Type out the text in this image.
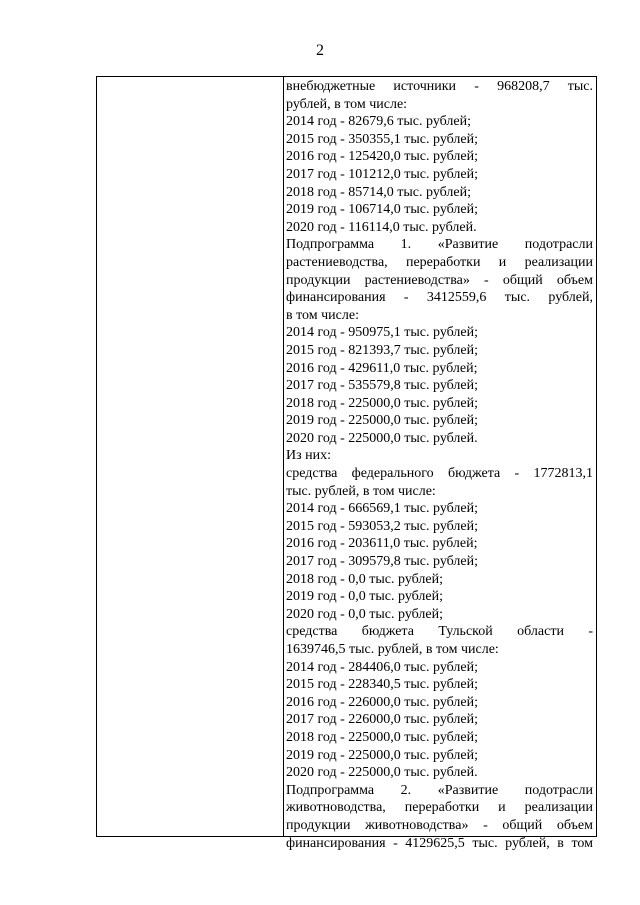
2
внебюджетные источники - 968208,7 тыс.
рублей, в том числе:
2014 год - 82679,6 тыс. рублей;
2015 год - 350355,1 тыс. рублей;
2016 год - 125420,0 тыс. рублей;
2017 год - 101212,0 тыс. рублей;
2018 год - 85714,0 тыс. рублей;
2019 год - 106714,0 тыс. рублей;
2020 год - 116114,0 тыс. рублей.
Подпрограмма 1. «Развитие подотрасли
растениеводства, переработки и реализации
продукции растениеводства» - общий объем
финансирования - 3412559,6 тыс. рублей,
в том числе:
2014 год - 950975,1 тыс. рублей;
2015 год - 821393,7 тыс. рублей;
2016 год - 429611,0 тыс. рублей;
2017 год - 535579,8 тыс. рублей;
2018 год - 225000,0 тыс. рублей;
2019 год - 225000,0 тыс. рублей;
2020 год - 225000,0 тыс. рублей.
Из них:
средства федерального бюджета - 1772813,1
тыс. рублей, в том числе:
2014 год - 666569,1 тыс. рублей;
2015 год - 593053,2 тыс. рублей;
2016 год - 203611,0 тыс. рублей;
2017 год - 309579,8 тыс. рублей;
2018 год - 0,0 тыс. рублей;
2019 год - 0,0 тыс. рублей;
2020 год - 0,0 тыс. рублей;
средства бюджета Тульской области -
1639746,5 тыс. рублей, в том числе:
2014 год - 284406,0 тыс. рублей;
2015 год - 228340,5 тыс. рублей;
2016 год - 226000,0 тыс. рублей;
2017 год - 226000,0 тыс. рублей;
2018 год - 225000,0 тыс. рублей;
2019 год - 225000,0 тыс. рублей;
2020 год - 225000,0 тыс. рублей.
Подпрограмма 2. «Развитие подотрасли
животноводства, переработки и реализации
продукции животноводства» - общий объем
финансирования - 4129625,5 тыс. рублей, в том
